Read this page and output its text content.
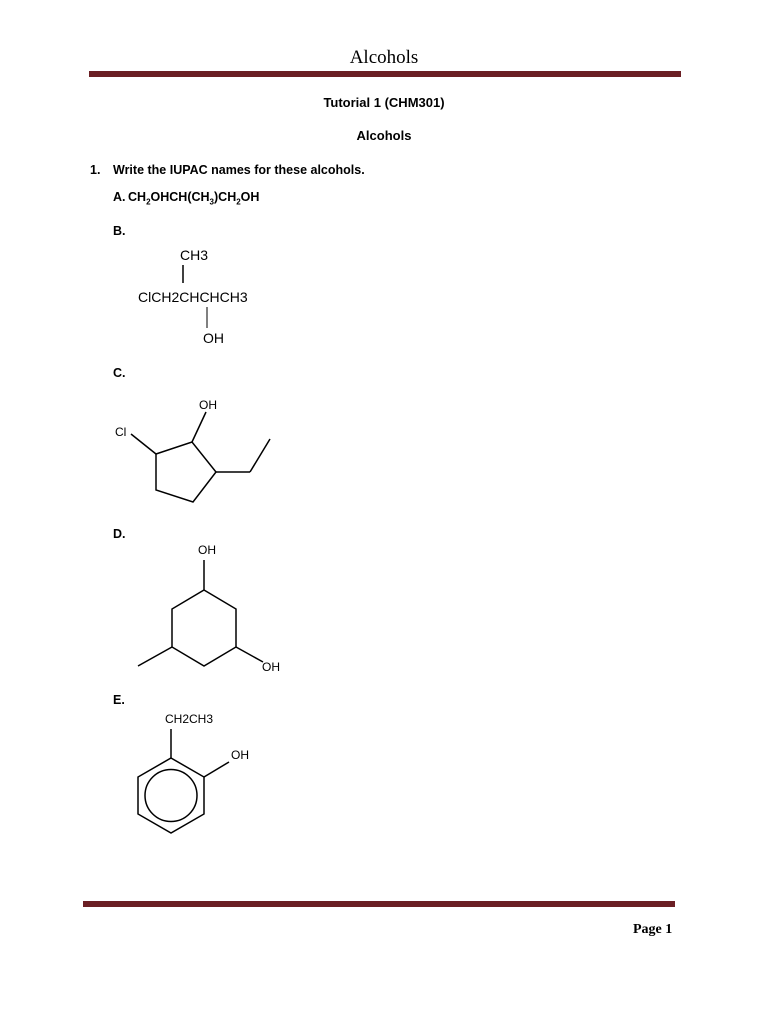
Alcohols
Tutorial 1 (CHM301)
Alcohols
1. Write the IUPAC names for these alcohols.
A. $CH_2OHCH(CH_3)CH_2OH$
B.
CH3
ClCH2CHCHCH3
OH
C.
OH
Cl
D.
OH
OH
E.
CH2CH3
OH
Page 1
